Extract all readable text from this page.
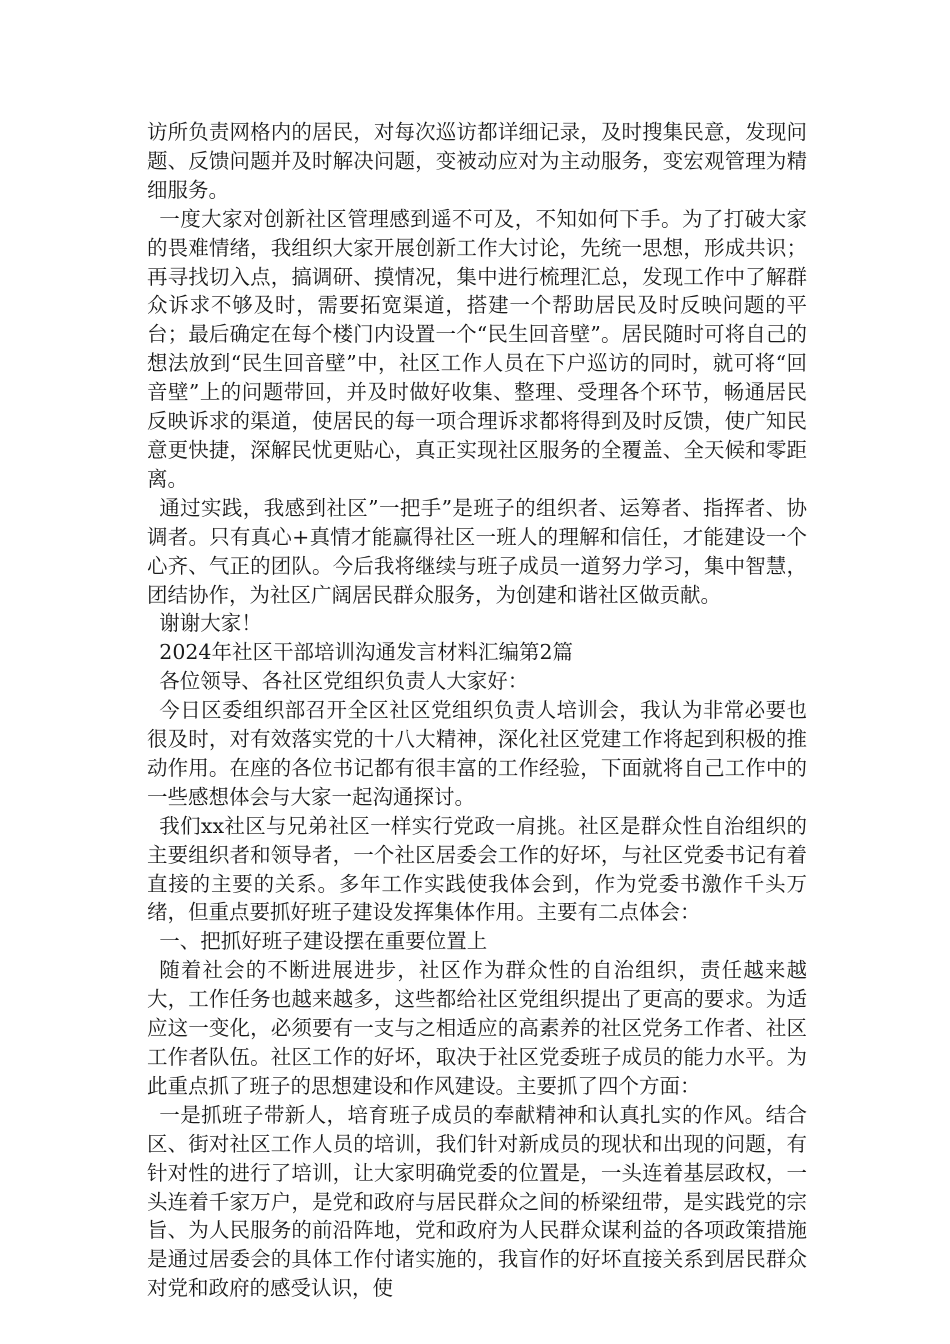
访所负责网格内的居民，对每次巡访都详细记录，及时搜集民意，发现问题、反馈问题并及时解决问题，变被动应对为主动服务，变宏观管理为精细服务。

一度大家对创新社区管理感到遥不可及，不知如何下手。为了打破大家的畏难情绪，我组织大家开展创新工作大讨论，先统一思想，形成共识；再寻找切入点，搞调研、摸情况，集中进行梳理汇总，发现工作中了解群众诉求不够及时，需要拓宽渠道，搭建一个帮助居民及时反映问题的平台；最后确定在每个楼门内设置一个“民生回音壁”。居民随时可将自己的想法放到“民生回音壁”中，社区工作人员在下户巡访的同时，就可将“回音壁”上的问题带回，并及时做好收集、整理、受理各个环节，畅通居民反映诉求的渠道，使居民的每一项合理诉求都将得到及时反馈，使广知民意更快捷，深解民忧更贴心，真正实现社区服务的全覆盖、全天候和零距离。

通过实践，我感到社区”一把手”是班子的组织者、运筹者、指挥者、协调者。只有真心+真情才能赢得社区一班人的理解和信任，才能建设一个心齐、气正的团队。今后我将继续与班子成员一道努力学习，集中智慧，团结协作，为社区广阔居民群众服务，为创建和谐社区做贡献。

谢谢大家！

2024年社区干部培训沟通发言材料汇编第2篇

各位领导、各社区党组织负责人大家好：

今日区委组织部召开全区社区党组织负责人培训会，我认为非常必要也很及时，对有效落实党的十八大精神，深化社区党建工作将起到积极的推动作用。在座的各位书记都有很丰富的工作经验，下面就将自己工作中的一些感想体会与大家一起沟通探讨。

我们xx社区与兄弟社区一样实行党政一肩挑。社区是群众性自治组织的主要组织者和领导者，一个社区居委会工作的好坏，与社区党委书记有着直接的主要的关系。多年工作实践使我体会到，作为党委书激作千头万绪，但重点要抓好班子建设发挥集体作用。主要有二点体会：

一、把抓好班子建设摆在重要位置上

随着社会的不断进展进步，社区作为群众性的自治组织，责任越来越大，工作任务也越来越多，这些都给社区党组织提出了更高的要求。为适应这一变化，必须要有一支与之相适应的高素养的社区党务工作者、社区工作者队伍。社区工作的好坏，取决于社区党委班子成员的能力水平。为此重点抓了班子的思想建设和作风建设。主要抓了四个方面：

一是抓班子带新人，培育班子成员的奉献精神和认真扎实的作风。结合区、街对社区工作人员的培训，我们针对新成员的现状和出现的问题，有针对性的进行了培训，让大家明确党委的位置是，一头连着基层政权，一头连着千家万户，是党和政府与居民群众之间的桥梁纽带，是实践党的宗旨、为人民服务的前沿阵地，党和政府为人民群众谋利益的各项政策措施是通过居委会的具体工作付诸实施的，我盲作的好坏直接关系到居民群众对党和政府的感受认识，使
